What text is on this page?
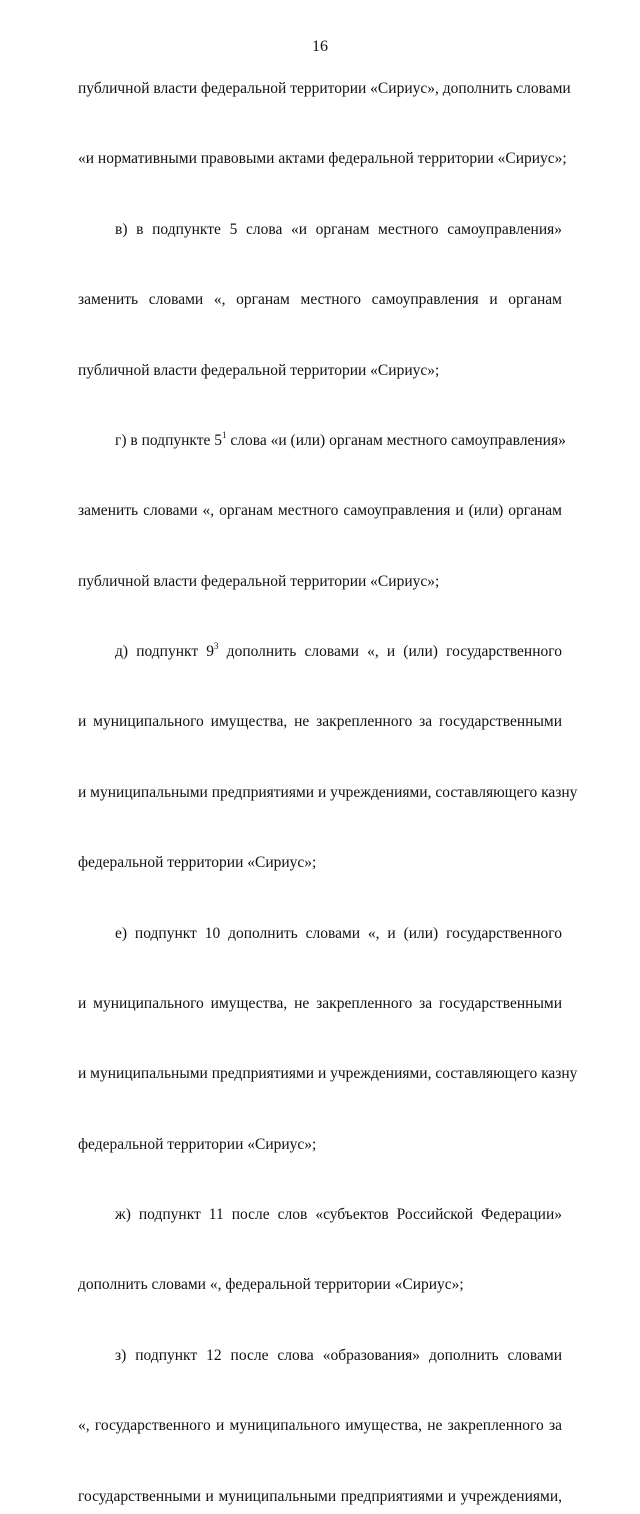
16
публичной власти федеральной территории «Сириус», дополнить словами
«и нормативными правовыми актами федеральной территории «Сириус»;
в) в подпункте 5 слова «и органам местного самоуправления»
заменить словами «, органам местного самоуправления и органам
публичной власти федеральной территории «Сириус»;
г) в подпункте $5^1$ слова «и (или) органам местного самоуправления»
заменить словами «, органам местного самоуправления и (или) органам
публичной власти федеральной территории «Сириус»;
д) подпункт $9^3$ дополнить словами «, и (или) государственного
и муниципального имущества, не закрепленного за государственными
и муниципальными предприятиями и учреждениями, составляющего казну
федеральной территории «Сириус»;
е) подпункт 10 дополнить словами «, и (или) государственного
и муниципального имущества, не закрепленного за государственными
и муниципальными предприятиями и учреждениями, составляющего казну
федеральной территории «Сириус»;
ж) подпункт 11 после слов «субъектов Российской Федерации»
дополнить словами «, федеральной территории «Сириус»;
з) подпункт 12 после слова «образования» дополнить словами
«, государственного и муниципального имущества, не закрепленного за
государственными и муниципальными предприятиями и учреждениями,
